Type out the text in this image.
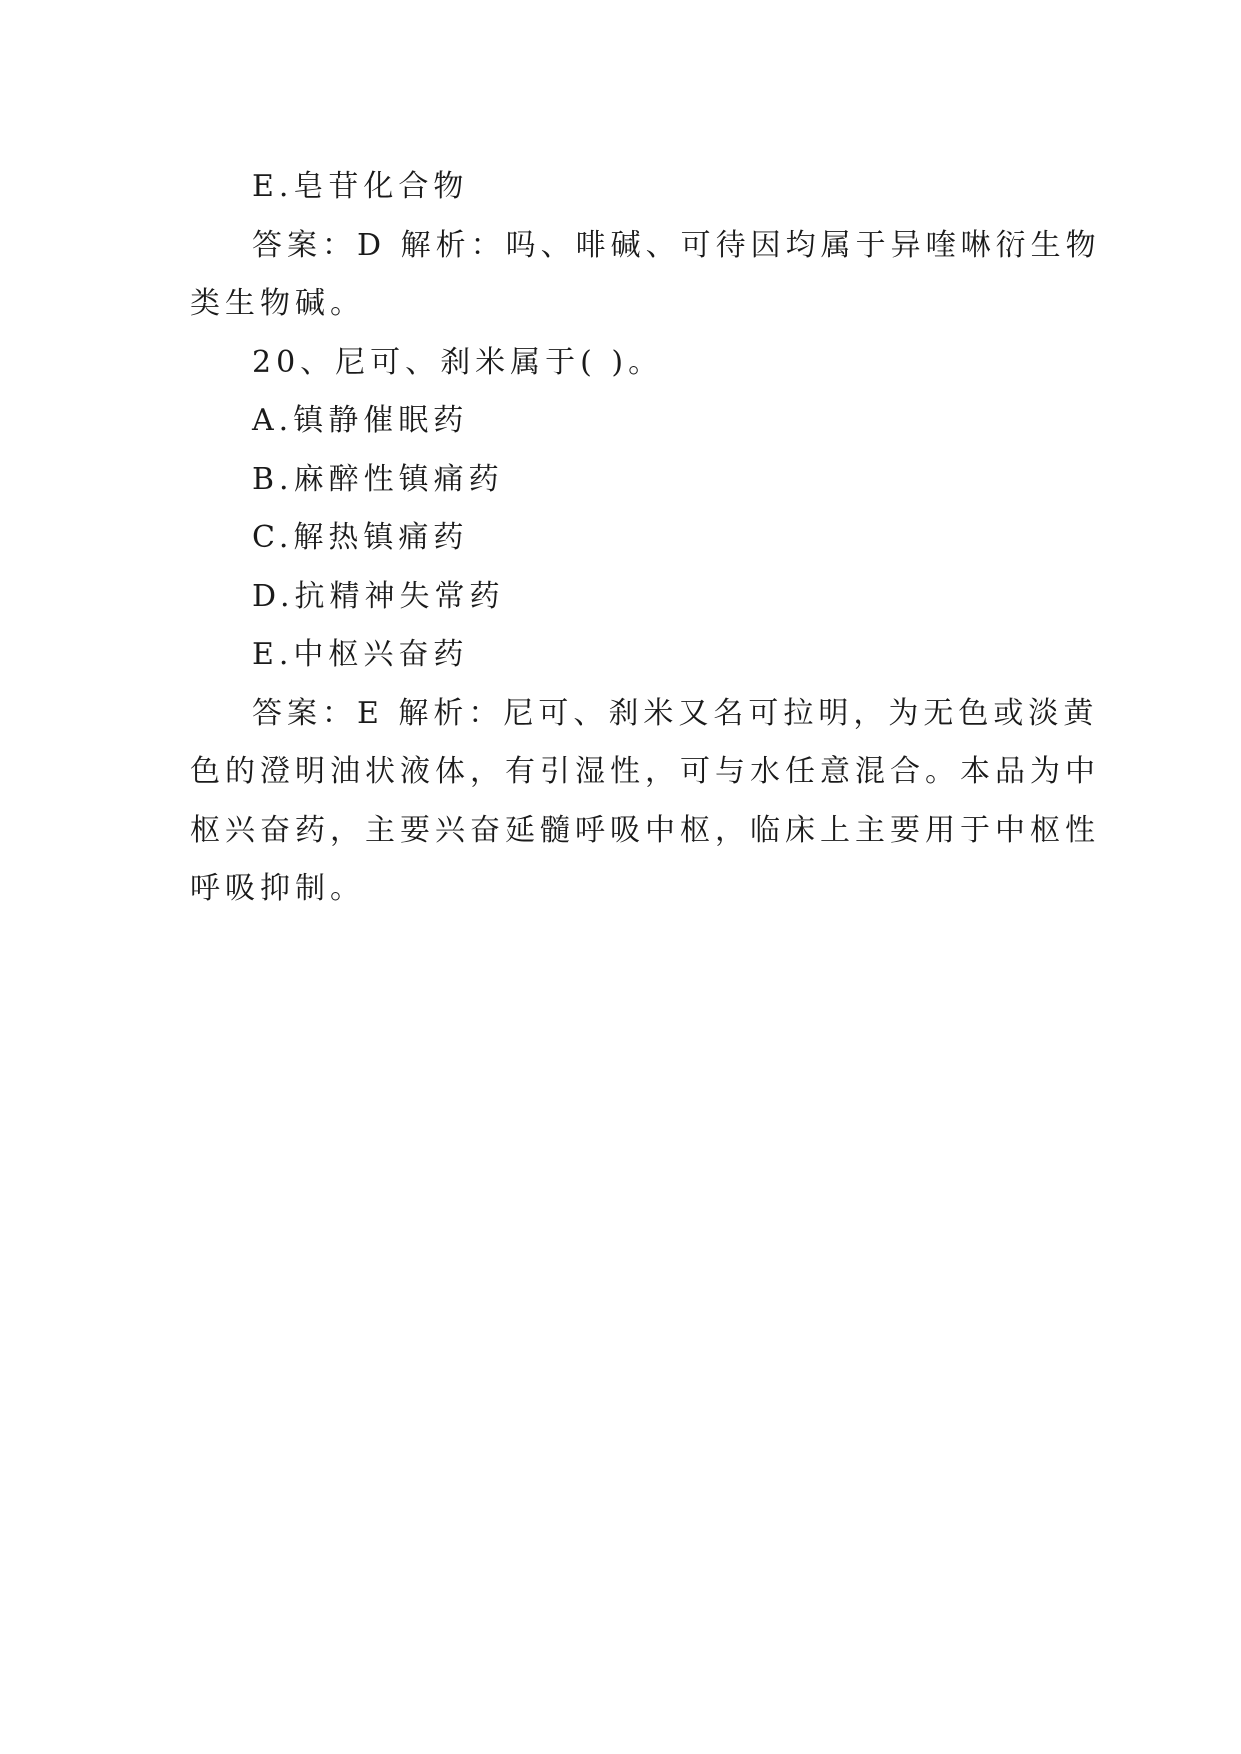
E.皂苷化合物
答案：D 解析：吗、啡碱、可待因均属于异喹啉衍生物
类生物碱。
20、尼可、刹米属于( )。
A.镇静催眠药
B.麻醉性镇痛药
C.解热镇痛药
D.抗精神失常药
E.中枢兴奋药
答案：E 解析：尼可、刹米又名可拉明，为无色或淡黄
色的澄明油状液体，有引湿性，可与水任意混合。本品为中
枢兴奋药，主要兴奋延髓呼吸中枢，临床上主要用于中枢性
呼吸抑制。
